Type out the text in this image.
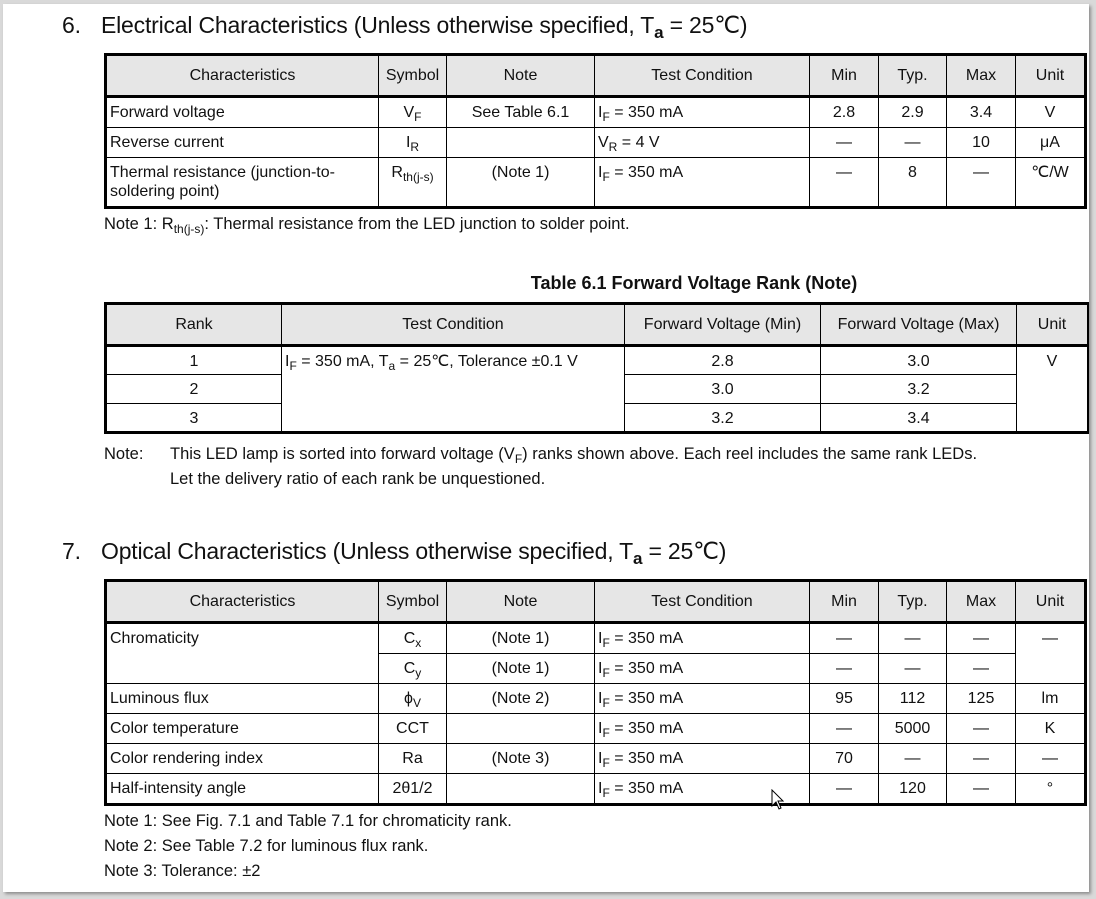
6. Electrical Characteristics (Unless otherwise specified, $T_a$ = 25℃)
Characteristics	Symbol	Note	Test Condition	Min	Typ.	Max	Unit
Forward voltage	$V_F$	See Table 6.1	$I_F = 350$ mA	2.8	2.9	3.4	V
Reverse current	$I_R$		$V_R = 4$ V	—	—	10	μA
Thermal resistance (junction-to-soldering point)	$R_{th(j-s)}$	(Note 1)	$I_F = 350$ mA	—	8	—	℃/W

Note 1: $R_{th(j-s)}$: Thermal resistance from the LED junction to solder point.

Table 6.1 Forward Voltage Rank (Note)

Rank	Test Condition	Forward Voltage (Min)	Forward Voltage (Max)	Unit
1	$I_F = 350$ mA, $T_a$ = 25℃, Tolerance ±0.1 V	2.8	3.0	V
2		3.0	3.2	
3		3.2	3.4	

Note: This LED lamp is sorted into forward voltage $(V_F)$ ranks shown above. Each reel includes the same rank LEDs.

Let the delivery ratio of each rank be unquestioned.

7. Optical Characteristics (Unless otherwise specified, $T_a$ = 25℃)
Characteristics	Symbol	Note	Test Condition	Min	Typ.	Max	Unit
Chromaticity	$C_x$	(Note 1)	$I_F = 350$ mA	—	—	—	—
	$C_y$	(Note 1)	$I_F = 350$ mA	—	—	—	
Luminous flux	$\phi_V$	(Note 2)	$I_F = 350$ mA	95	112	125	lm
Color temperature	CCT		$I_F = 350$ mA	—	5000	—	K
Color rendering index	Ra	(Note 3)	$I_F = 350$ mA	70	—	—	—
Half-intensity angle	2θ1/2		$I_F = 350$ mA	—	120	—	°

Note 1: See Fig. 7.1 and Table 7.1 for chromaticity rank.

Note 2: See Table 7.2 for luminous flux rank.

Note 3: Tolerance: ±2
